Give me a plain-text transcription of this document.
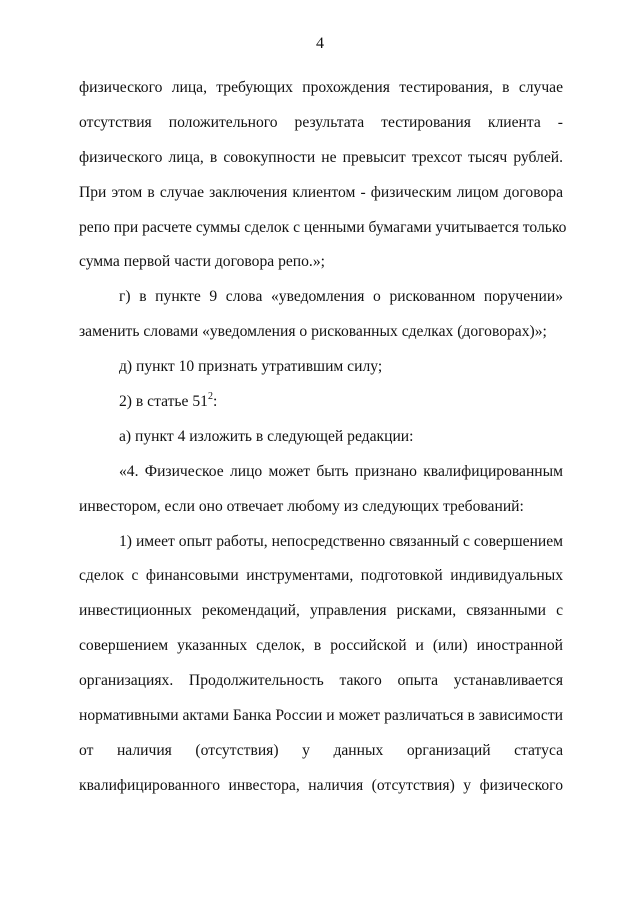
4
физического лица, требующих прохождения тестирования, в случае
отсутствия положительного результата тестирования клиента -
физического лица, в совокупности не превысит трехсот тысяч рублей.
При этом в случае заключения клиентом - физическим лицом договора
репо при расчете суммы сделок с ценными бумагами учитывается только
сумма первой части договора репо.»;
г) в пункте 9 слова «уведомления о рискованном поручении»
заменить словами «уведомления о рискованных сделках (договорах)»;
д) пункт 10 признать утратившим силу;
2) в статье $51^2$:
а) пункт 4 изложить в следующей редакции:
«4. Физическое лицо может быть признано квалифицированным
инвестором, если оно отвечает любому из следующих требований:
1) имеет опыт работы, непосредственно связанный с совершением
сделок с финансовыми инструментами, подготовкой индивидуальных
инвестиционных рекомендаций, управления рисками, связанными с
совершением указанных сделок, в российской и (или) иностранной
организациях. Продолжительность такого опыта устанавливается
нормативными актами Банка России и может различаться в зависимости
от наличия (отсутствия) у данных организаций статуса
квалифицированного инвестора, наличия (отсутствия) у физического
